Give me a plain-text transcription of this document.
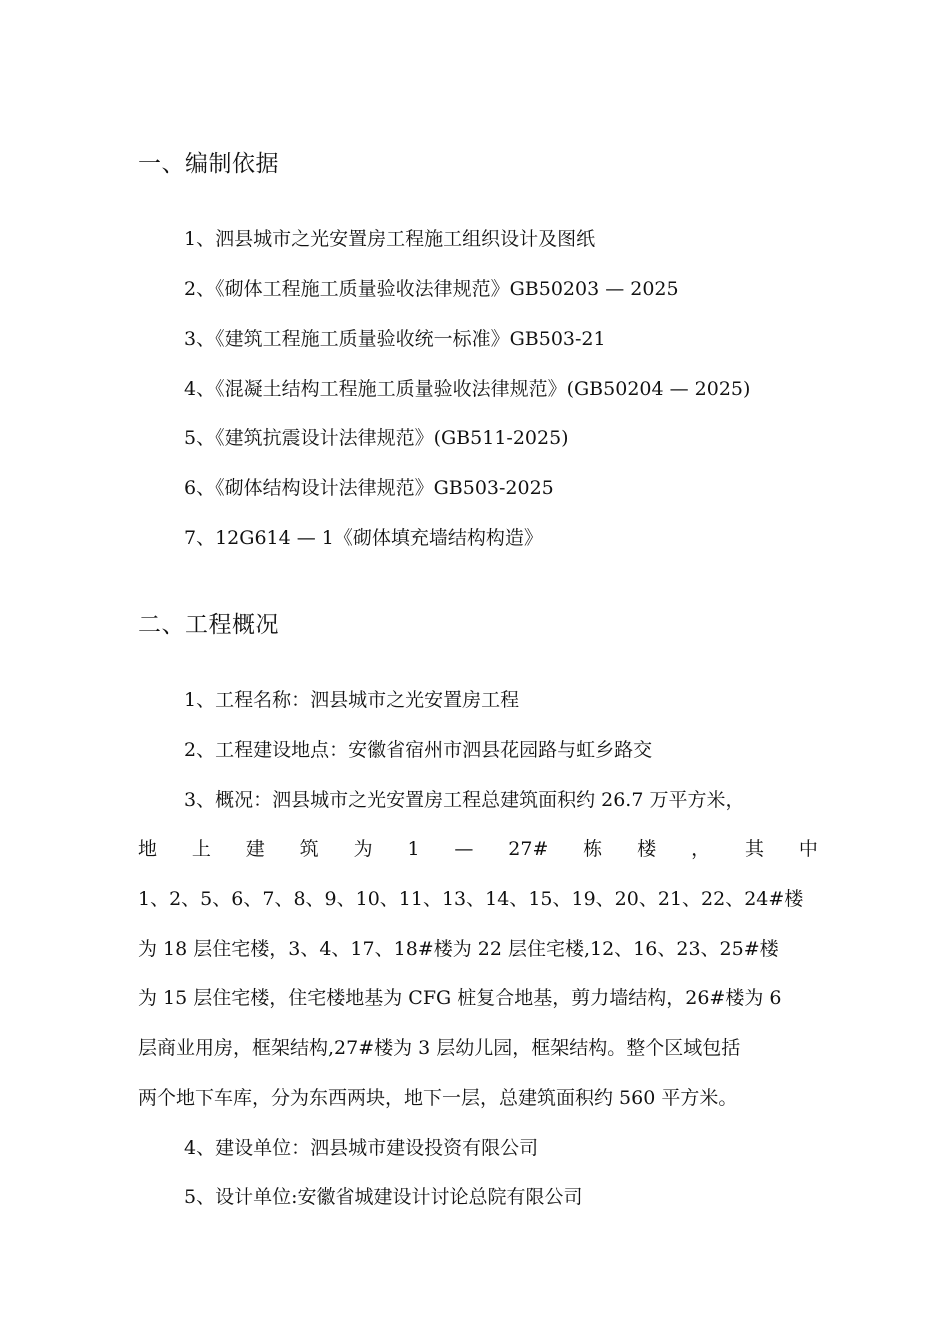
一、编制依据
1、泗县城市之光安置房工程施工组织设计及图纸
2、《砌体工程施工质量验收法律规范》GB50203 — 2025
3、《建筑工程施工质量验收统一标准》GB503-21
4、《混凝土结构工程施工质量验收法律规范》(GB50204 — 2025)
5、《建筑抗震设计法律规范》(GB511-2025)
6、《砌体结构设计法律规范》GB503-2025
7、12G614 — 1《砌体填充墙结构构造》
二、工程概况
1、工程名称：泗县城市之光安置房工程
2、工程建设地点：安徽省宿州市泗县花园路与虹乡路交
3、概况：泗县城市之光安置房工程总建筑面积约 26.7 万平方米，
地 上 建 筑 为 1 — 27# 栋 楼 ， 其 中
1、2、5、6、7、8、9、10、11、13、14、15、19、20、21、22、24#楼
为 18 层住宅楼，3、4、17、18#楼为 22 层住宅楼,12、16、23、25#楼
为 15 层住宅楼，住宅楼地基为 CFG 桩复合地基，剪力墙结构，26#楼为 6
层商业用房，框架结构,27#楼为 3 层幼儿园，框架结构。整个区域包括
两个地下车库，分为东西两块，地下一层，总建筑面积约 560 平方米。
4、建设单位：泗县城市建设投资有限公司
5、设计单位:安徽省城建设计讨论总院有限公司
